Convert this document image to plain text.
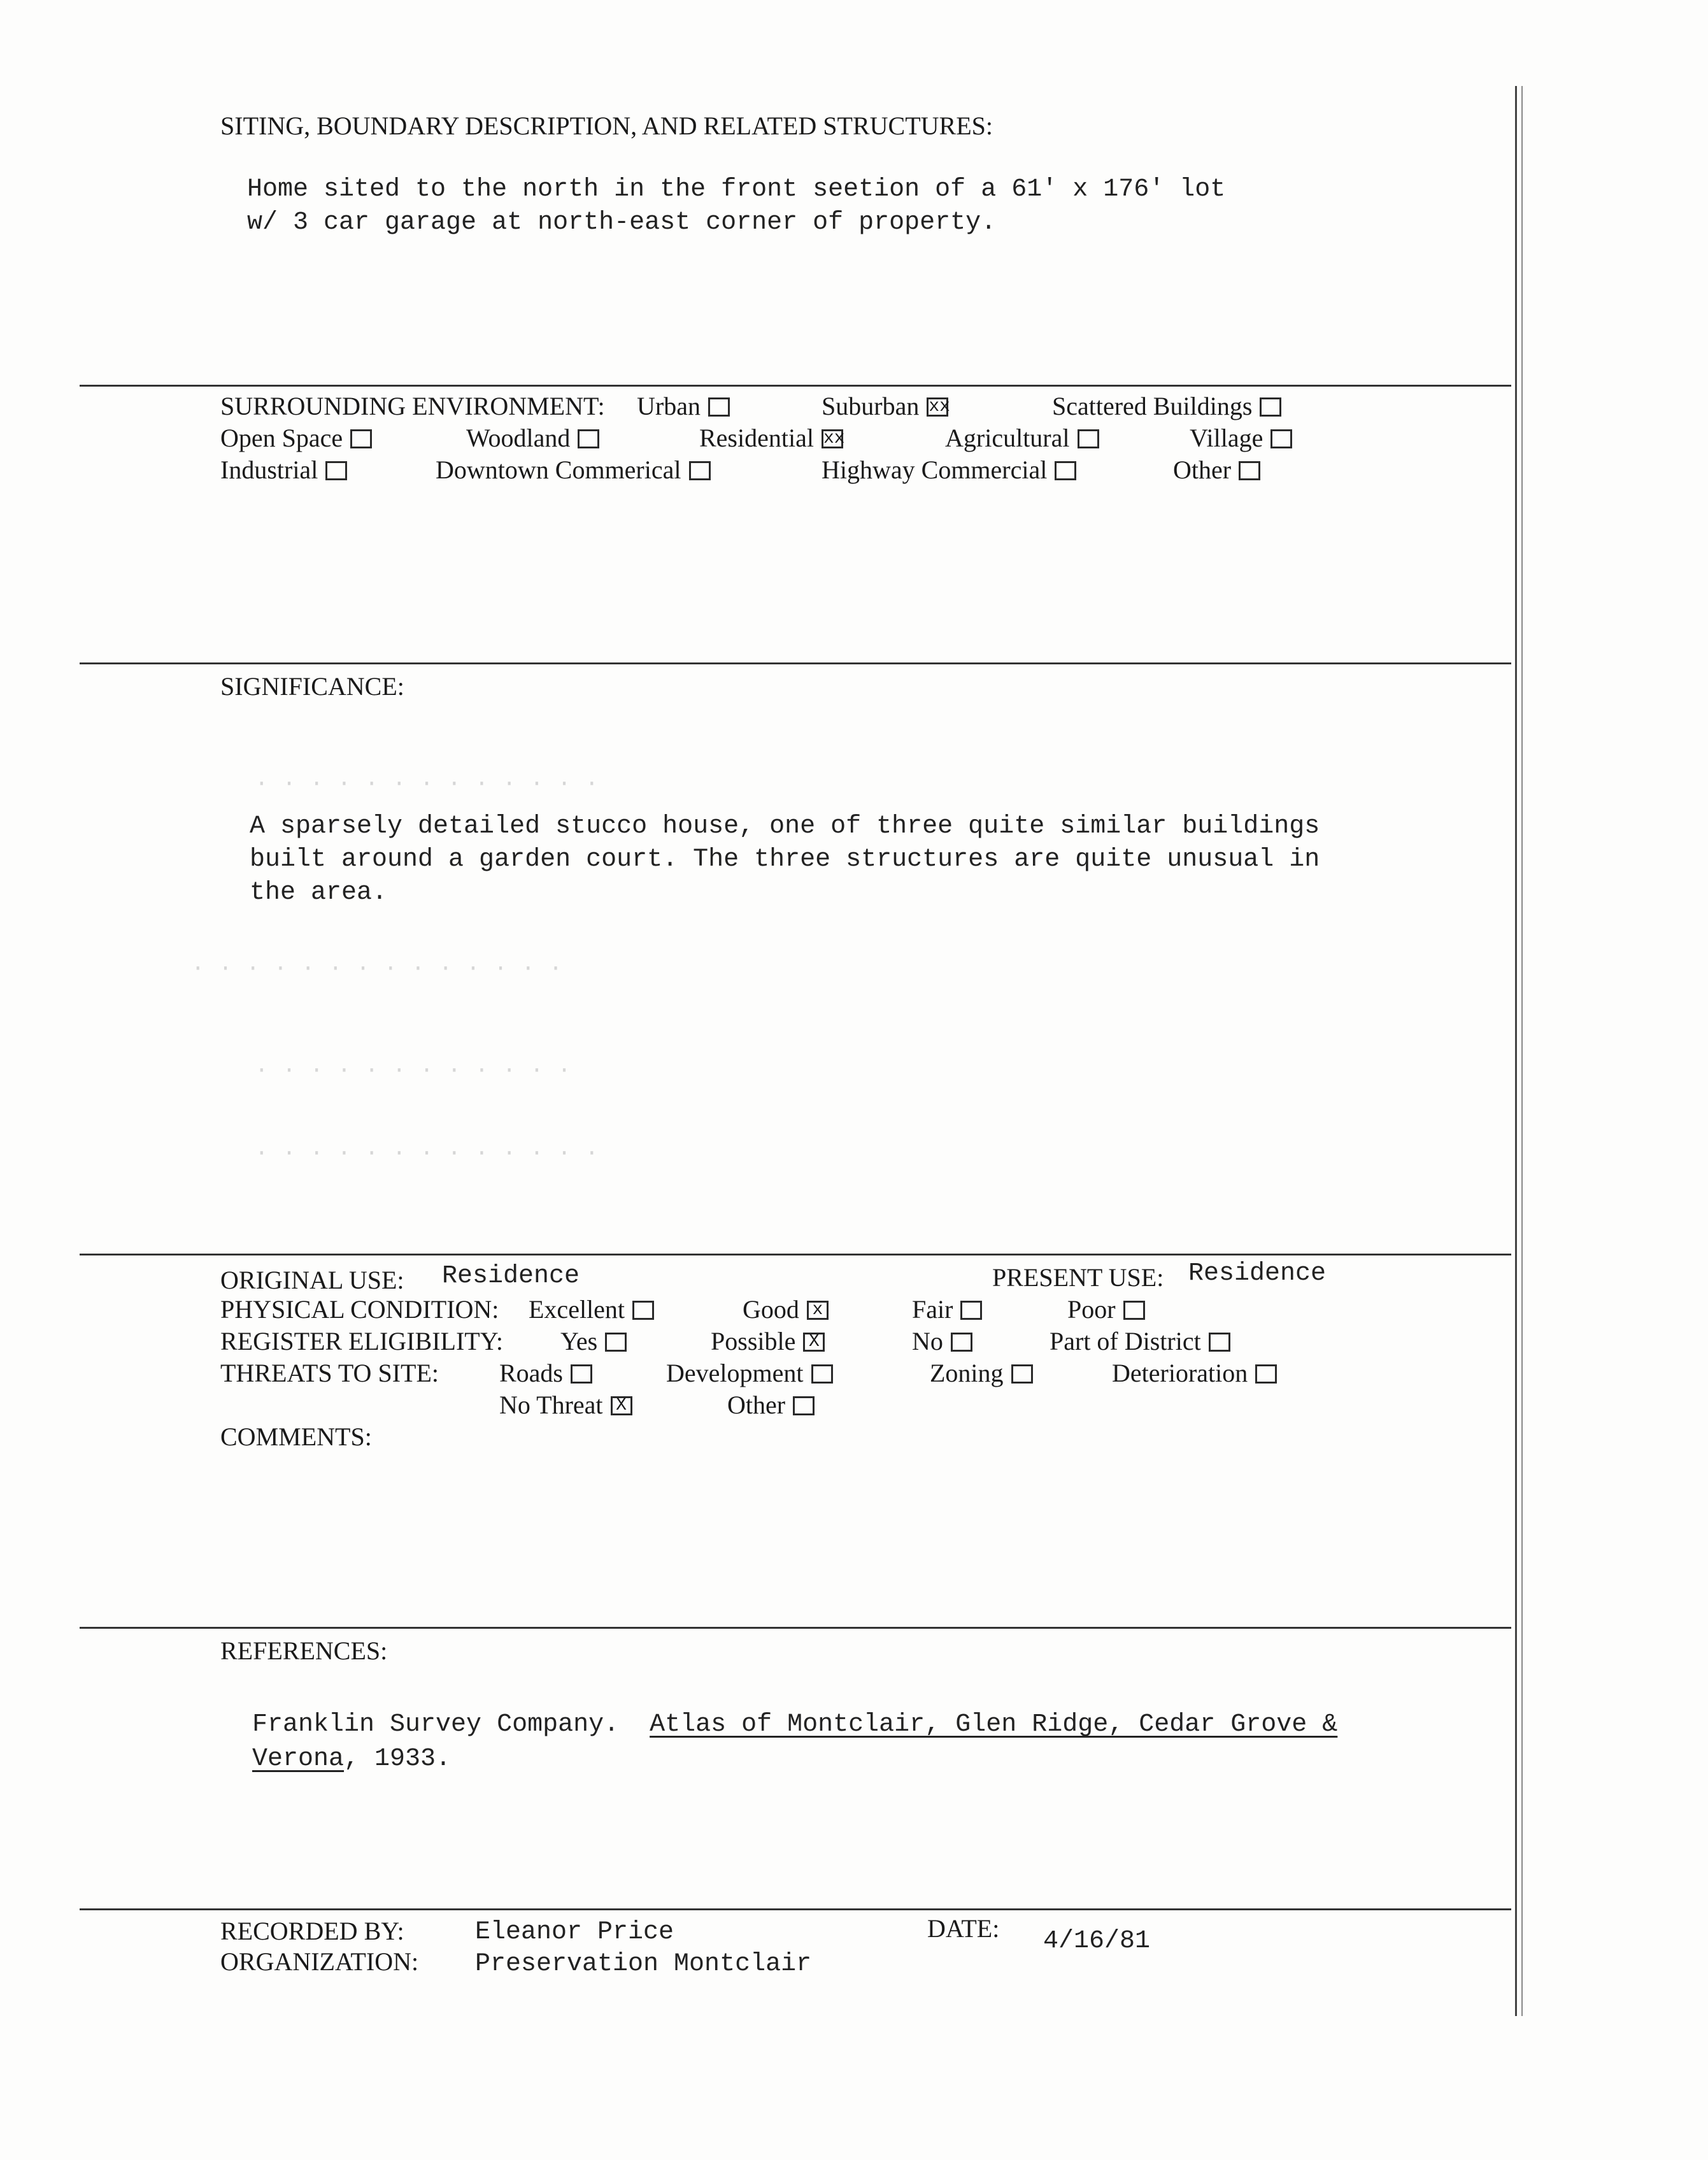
SITING, BOUNDARY DESCRIPTION, AND RELATED STRUCTURES:
Home sited to the north in the front seetion of a 61' x 176' lot
w/ 3 car garage at north-east corner of property.
SURROUNDING ENVIRONMENT: Urban	Suburban xx	Scattered Buildings
Open Space	Woodland	Residential xx	Agricultural	Village
Industrial	Downtown Commerical	Highway Commercial	Other
SIGNIFICANCE:
A sparsely detailed stucco house, one of three quite similar buildings
built around a garden court. The three structures are quite unusual in
the area.
· · · · · · · · · · · · ·
· · · · · · · · · · · · · ·
· · · · · · · · · · · ·
· · · · · · · · · · · · ·
ORIGINAL USE: Residence	PRESENT USE: Residence
PHYSICAL CONDITION: Excellent	Good x	Fair	Poor
REGISTER ELIGIBILITY: Yes	Possible X	No	Part of District
THREATS TO SITE: Roads	Development	Zoning	Deterioration
No Threat X	Other
COMMENTS:
REFERENCES:
Franklin Survey Company. Atlas of Montclair, Glen Ridge, Cedar Grove &
Verona, 1933.
RECORDED BY:	Eleanor Price
ORGANIZATION: Preservation Montclair
DATE: 4/16/81
